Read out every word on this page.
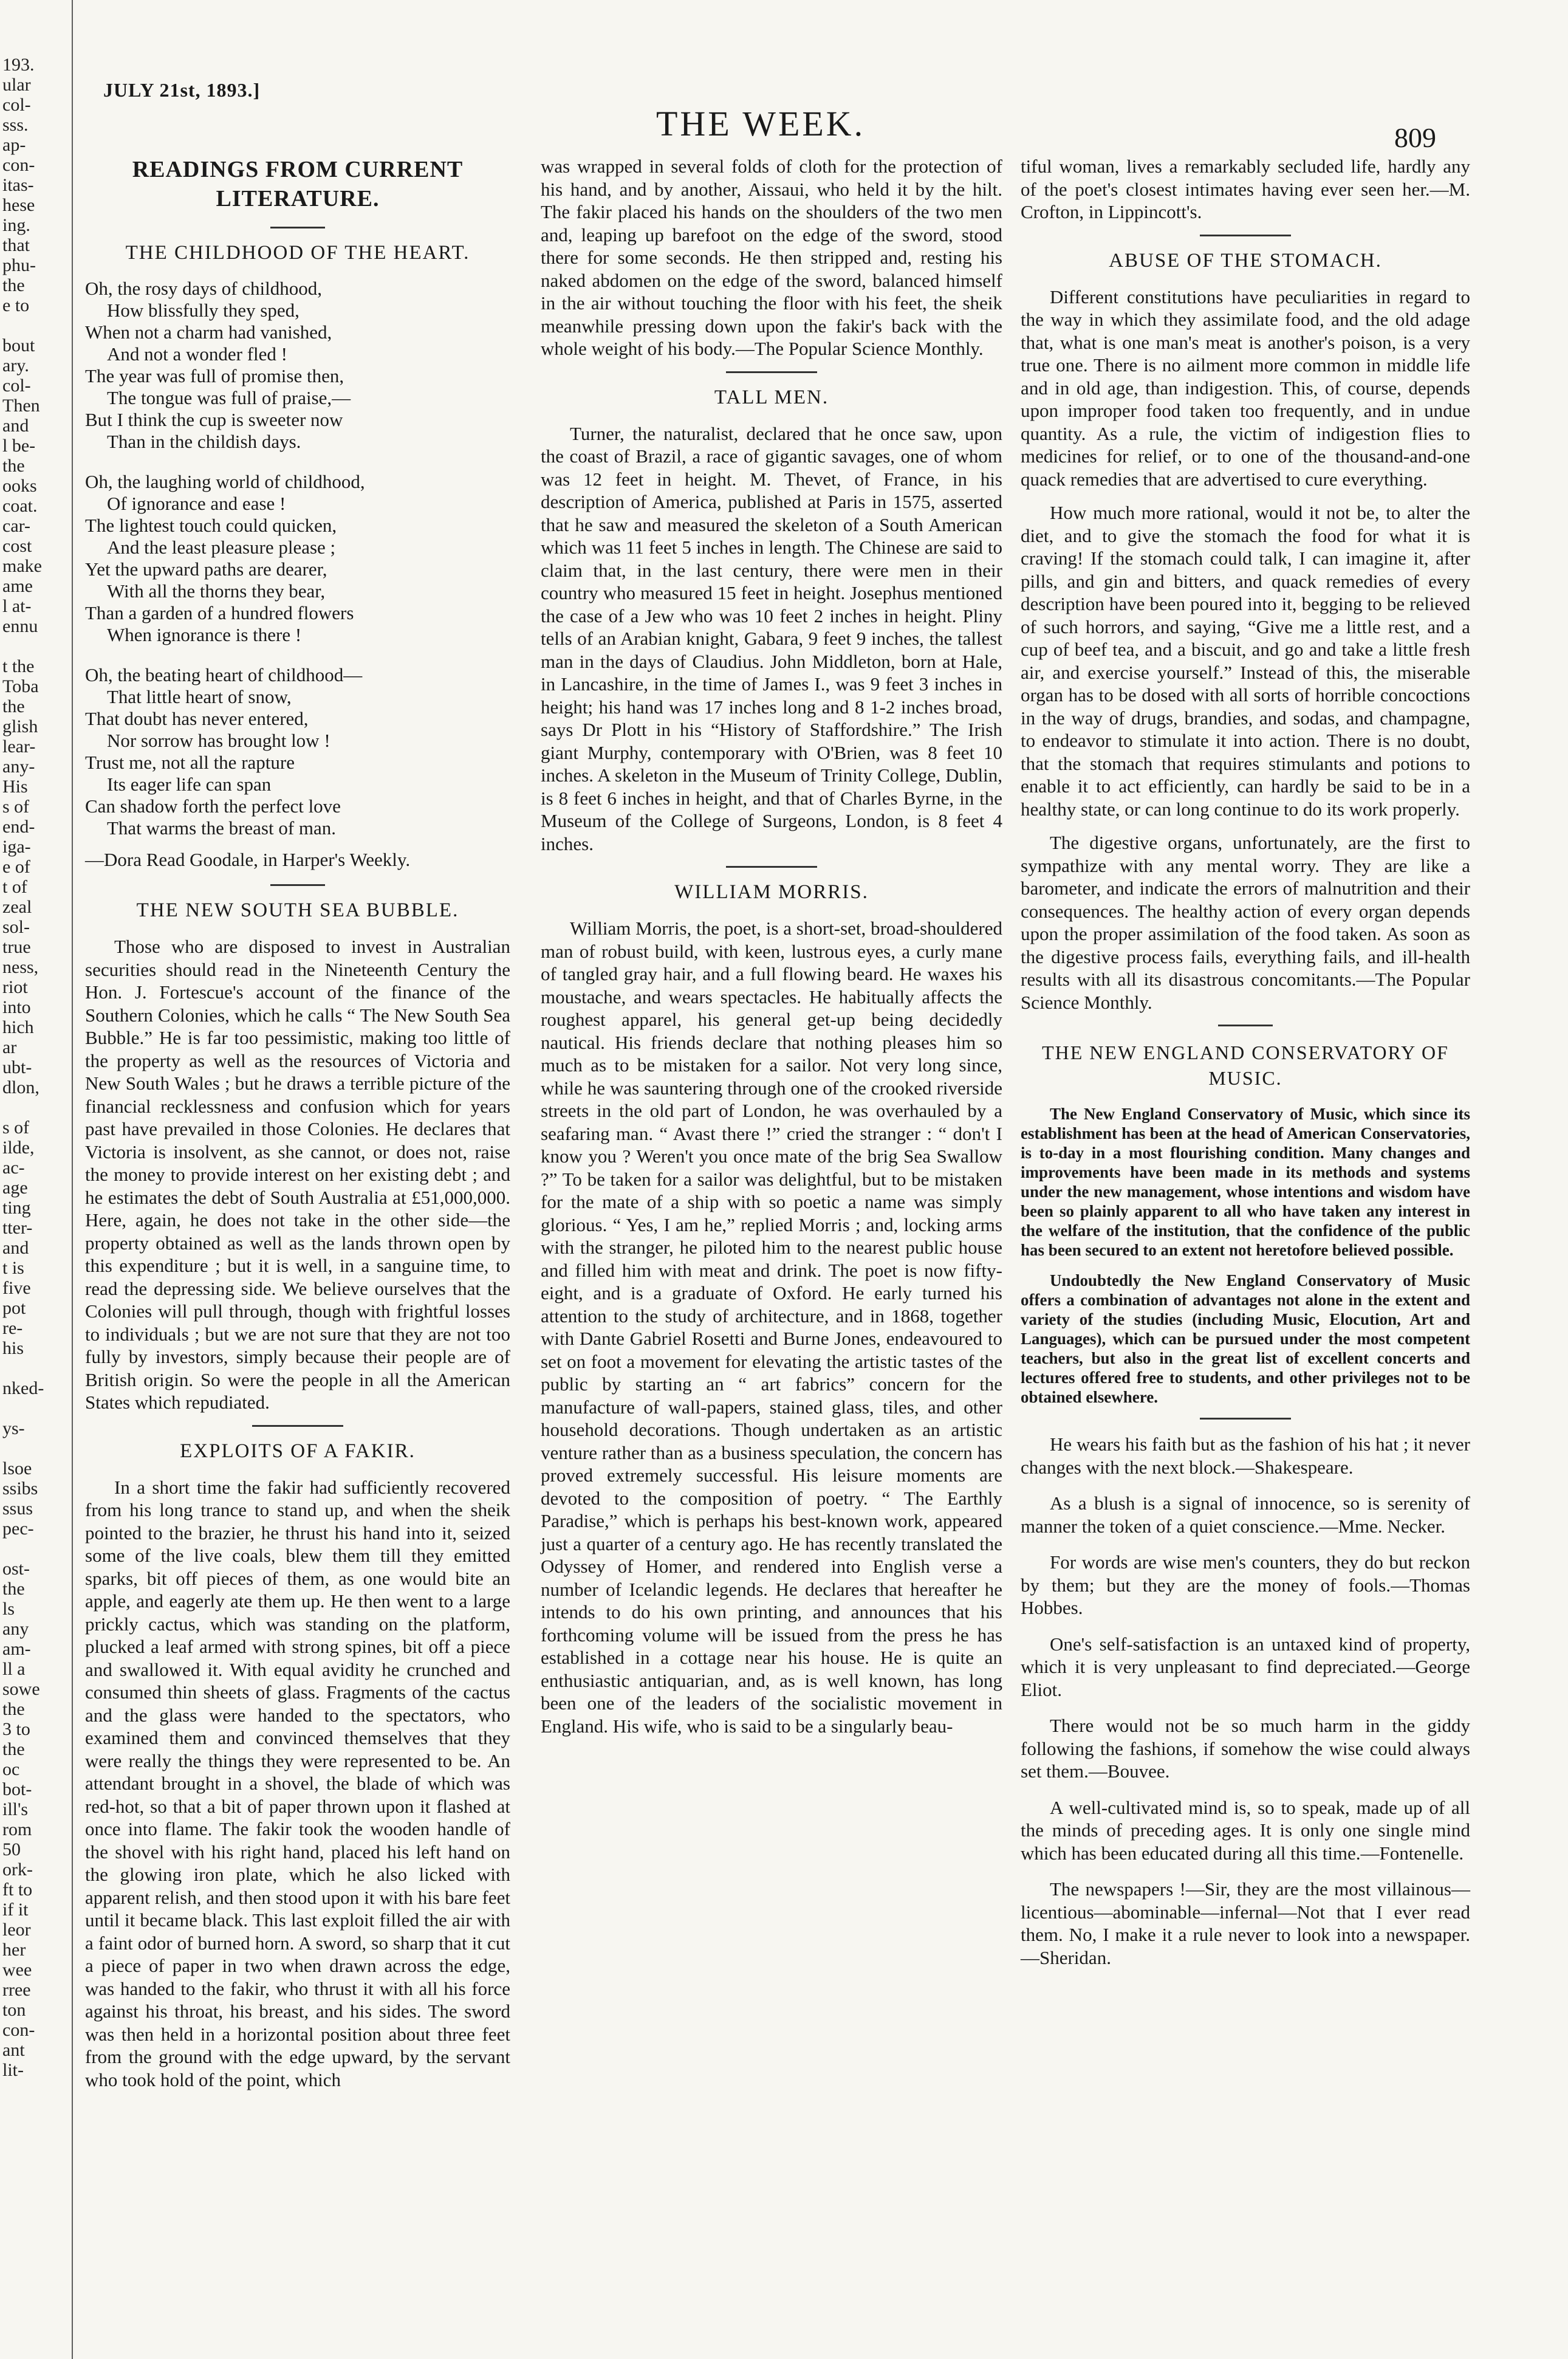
193.
ular
col-
sss.
ap-
con-
itas-
hese
ing.
that
phu-
the
e to
bout
ary.
col-
Then
and
l be-
the
ooks
coat.
car-
cost
make
ame
l at-
ennu
t the
Toba
the
glish
lear-
any-
His
s of
end-
iga-
e of
t of
zeal
sol-
true
ness,
riot
into
hich
ar
ubt-
dlon,
s of
ilde,
ac-
age
ting
tter-
and
t is
five
pot
re-
his
nked-
ys-
lsoe
ssibs
ssus
pec-
ost-
the
ls
any
am-
ll a
sowe
the
3 to
the
oc
bot-
ill's
rom
50
ork-
ft to
if it
leor
her
wee
rree
ton
con-
ant
lit-
JULY 21st, 1893.]
THE WEEK.	809
READINGS FROM CURRENT LITERATURE.
THE CHILDHOOD OF THE HEART.
Oh, the rosy days of childhood,
How blissfully they sped,
When not a charm had vanished,
And not a wonder fled !
The year was full of promise then,
The tongue was full of praise,—
But I think the cup is sweeter now
Than in the childish days.
Oh, the laughing world of childhood,
Of ignorance and ease !
The lightest touch could quicken,
And the least pleasure please ;
Yet the upward paths are dearer,
With all the thorns they bear,
Than a garden of a hundred flowers
When ignorance is there !
Oh, the beating heart of childhood—
That little heart of snow,
That doubt has never entered,
Nor sorrow has brought low !
Trust me, not all the rapture
Its eager life can span
Can shadow forth the perfect love
That warms the breast of man.
—Dora Read Goodale, in Harper's Weekly.
THE NEW SOUTH SEA BUBBLE.

Those who are disposed to invest in Australian securities should read in the Nineteenth Century the Hon. J. Fortescue's account of the finance of the Southern Colonies, which he calls “ The New South Sea Bubble.” He is far too pessimistic, making too little of the property as well as the resources of Victoria and New South Wales ; but he draws a terrible picture of the financial recklessness and confusion which for years past have prevailed in those Colonies. He declares that Victoria is insolvent, as she cannot, or does not, raise the money to provide interest on her existing debt ; and he estimates the debt of South Australia at £51,000,000. Here, again, he does not take in the other side—the property obtained as well as the lands thrown open by this expenditure ; but it is well, in a sanguine time, to read the depressing side. We believe ourselves that the Colonies will pull through, though with frightful losses to individuals ; but we are not sure that they are not too fully by investors, simply because their people are of British origin. So were the people in all the American States which repudiated.

EXPLOITS OF A FAKIR.

In a short time the fakir had sufficiently recovered from his long trance to stand up, and when the sheik pointed to the brazier, he thrust his hand into it, seized some of the live coals, blew them till they emitted sparks, bit off pieces of them, as one would bite an apple, and eagerly ate them up. He then went to a large prickly cactus, which was standing on the platform, plucked a leaf armed with strong spines, bit off a piece and swallowed it. With equal avidity he crunched and consumed thin sheets of glass. Fragments of the cactus and the glass were handed to the spectators, who examined them and convinced themselves that they were really the things they were represented to be. An attendant brought in a shovel, the blade of which was red-hot, so that a bit of paper thrown upon it flashed at once into flame. The fakir took the wooden handle of the shovel with his right hand, placed his left hand on the glowing iron plate, which he also licked with apparent relish, and then stood upon it with his bare feet until it became black. This last exploit filled the air with a faint odor of burned horn. A sword, so sharp that it cut a piece of paper in two when drawn across the edge, was handed to the fakir, who thrust it with all his force against his throat, his breast, and his sides. The sword was then held in a horizontal position about three feet from the ground with the edge upward, by the servant who took hold of the point, which

was wrapped in several folds of cloth for the protection of his hand, and by another, Aissaui, who held it by the hilt. The fakir placed his hands on the shoulders of the two men and, leaping up barefoot on the edge of the sword, stood there for some seconds. He then stripped and, resting his naked abdomen on the edge of the sword, balanced himself in the air without touching the floor with his feet, the sheik meanwhile pressing down upon the fakir's back with the whole weight of his body.—The Popular Science Monthly.

TALL MEN.

Turner, the naturalist, declared that he once saw, upon the coast of Brazil, a race of gigantic savages, one of whom was 12 feet in height. M. Thevet, of France, in his description of America, published at Paris in 1575, asserted that he saw and measured the skeleton of a South American which was 11 feet 5 inches in length. The Chinese are said to claim that, in the last century, there were men in their country who measured 15 feet in height. Josephus mentioned the case of a Jew who was 10 feet 2 inches in height. Pliny tells of an Arabian knight, Gabara, 9 feet 9 inches, the tallest man in the days of Claudius. John Middleton, born at Hale, in Lancashire, in the time of James I., was 9 feet 3 inches in height; his hand was 17 inches long and 8 1-2 inches broad, says Dr Plott in his “History of Staffordshire.” The Irish giant Murphy, contemporary with O'Brien, was 8 feet 10 inches. A skeleton in the Museum of Trinity College, Dublin, is 8 feet 6 inches in height, and that of Charles Byrne, in the Museum of the College of Surgeons, London, is 8 feet 4 inches.

WILLIAM MORRIS.

William Morris, the poet, is a short-set, broad-shouldered man of robust build, with keen, lustrous eyes, a curly mane of tangled gray hair, and a full flowing beard. He waxes his moustache, and wears spectacles. He habitually affects the roughest apparel, his general get-up being decidedly nautical. His friends declare that nothing pleases him so much as to be mistaken for a sailor. Not very long since, while he was sauntering through one of the crooked riverside streets in the old part of London, he was overhauled by a seafaring man. “ Avast there !” cried the stranger : “ don't I know you ? Weren't you once mate of the brig Sea Swallow ?” To be taken for a sailor was delightful, but to be mistaken for the mate of a ship with so poetic a name was simply glorious. “ Yes, I am he,” replied Morris ; and, locking arms with the stranger, he piloted him to the nearest public house and filled him with meat and drink. The poet is now fifty-eight, and is a graduate of Oxford. He early turned his attention to the study of architecture, and in 1868, together with Dante Gabriel Rosetti and Burne Jones, endeavoured to set on foot a movement for elevating the artistic tastes of the public by starting an “ art fabrics” concern for the manufacture of wall-papers, stained glass, tiles, and other household decorations. Though undertaken as an artistic venture rather than as a business speculation, the concern has proved extremely successful. His leisure moments are devoted to the composition of poetry. “ The Earthly Paradise,” which is perhaps his best-known work, appeared just a quarter of a century ago. He has recently translated the Odyssey of Homer, and rendered into English verse a number of Icelandic legends. He declares that hereafter he intends to do his own printing, and announces that his forthcoming volume will be issued from the press he has established in a cottage near his house. He is quite an enthusiastic antiquarian, and, as is well known, has long been one of the leaders of the socialistic movement in England. His wife, who is said to be a singularly beau-

tiful woman, lives a remarkably secluded life, hardly any of the poet's closest intimates having ever seen her.—M. Crofton, in Lippincott's.

ABUSE OF THE STOMACH.

Different constitutions have peculiarities in regard to the way in which they assimilate food, and the old adage that, what is one man's meat is another's poison, is a very true one. There is no ailment more common in middle life and in old age, than indigestion. This, of course, depends upon improper food taken too frequently, and in undue quantity. As a rule, the victim of indigestion flies to medicines for relief, or to one of the thousand-and-one quack remedies that are advertised to cure everything.

How much more rational, would it not be, to alter the diet, and to give the stomach the food for what it is craving! If the stomach could talk, I can imagine it, after pills, and gin and bitters, and quack remedies of every description have been poured into it, begging to be relieved of such horrors, and saying, “Give me a little rest, and a cup of beef tea, and a biscuit, and go and take a little fresh air, and exercise yourself.” Instead of this, the miserable organ has to be dosed with all sorts of horrible concoctions in the way of drugs, brandies, and sodas, and champagne, to endeavor to stimulate it into action. There is no doubt, that the stomach that requires stimulants and potions to enable it to act efficiently, can hardly be said to be in a healthy state, or can long continue to do its work properly.

The digestive organs, unfortunately, are the first to sympathize with any mental worry. They are like a barometer, and indicate the errors of malnutrition and their consequences. The healthy action of every organ depends upon the proper assimilation of the food taken. As soon as the digestive process fails, everything fails, and ill-health results with all its disastrous concomitants.—The Popular Science Monthly.

THE NEW ENGLAND CONSERVATORY OF MUSIC.

The New England Conservatory of Music, which since its establishment has been at the head of American Conservatories, is to-day in a most flourishing condition. Many changes and improvements have been made in its methods and systems under the new management, whose intentions and wisdom have been so plainly apparent to all who have taken any interest in the welfare of the institution, that the confidence of the public has been secured to an extent not heretofore believed possible.

Undoubtedly the New England Conservatory of Music offers a combination of advantages not alone in the extent and variety of the studies (including Music, Elocution, Art and Languages), which can be pursued under the most competent teachers, but also in the great list of excellent concerts and lectures offered free to students, and other privileges not to be obtained elsewhere.

He wears his faith but as the fashion of his hat ; it never changes with the next block.—Shakespeare.

As a blush is a signal of innocence, so is serenity of manner the token of a quiet conscience.—Mme. Necker.

For words are wise men's counters, they do but reckon by them; but they are the money of fools.—Thomas Hobbes.

One's self-satisfaction is an untaxed kind of property, which it is very unpleasant to find depreciated.—George Eliot.

There would not be so much harm in the giddy following the fashions, if somehow the wise could always set them.—Bouvee.

A well-cultivated mind is, so to speak, made up of all the minds of preceding ages. It is only one single mind which has been educated during all this time.—Fontenelle.

The newspapers !—Sir, they are the most villainous—licentious—abominable—infernal—Not that I ever read them. No, I make it a rule never to look into a newspaper.—Sheridan.
